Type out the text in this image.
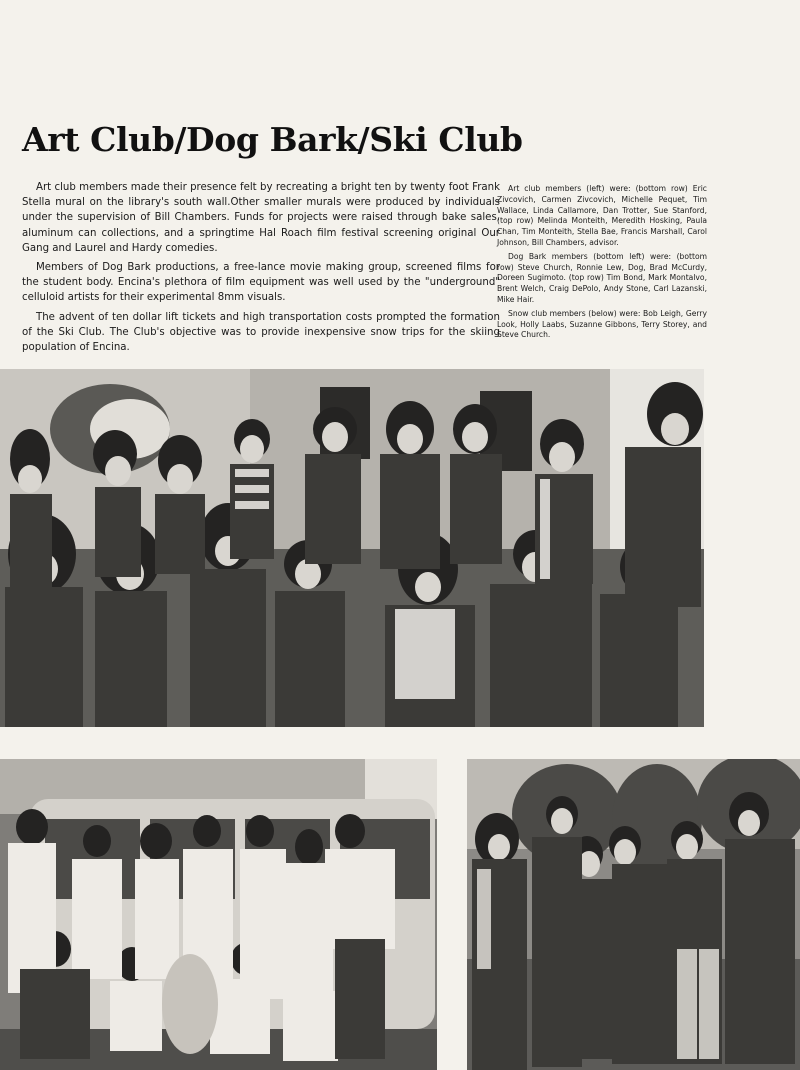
Art Club/Dog Bark/Ski Club

Art club members made their presence felt by recreating a bright ten by twenty foot Frank Stella mural on the library's south wall.Other smaller murals were produced by individuals under the supervision of Bill Chambers. Funds for projects were raised through bake sales, aluminum can collections, and a springtime Hal Roach film festival screening original Our Gang and Laurel and Hardy comedies.

Members of Dog Bark productions, a free-lance movie making group, screened films for the student body. Encina's plethora of film equipment was well used by the "underground" celluloid artists for their experimental 8mm visuals.

The advent of ten dollar lift tickets and high transportation costs prompted the formation of the Ski Club. The Club's objective was to provide inexpensive snow trips for the skiing population of Encina.

Art club members (left) were: (bottom row) Eric Zivcovich, Carmen Zivcovich, Michelle Pequet, Tim Wallace, Linda Callamore, Dan Trotter, Sue Stanford, (top row) Melinda Monteith, Meredith Hosking, Paula Chan, Tim Monteith, Stella Bae, Francis Marshall, Carol Johnson, Bill Chambers, advisor.

Dog Bark members (bottom left) were: (bottom row) Steve Church, Ronnie Lew, Dog, Brad McCurdy, Doreen Sugimoto. (top row) Tim Bond, Mark Montalvo, Brent Welch, Craig DePolo, Andy Stone, Carl Lazanski, Mike Hair.

Snow club members (below) were: Bob Leigh, Gerry Look, Holly Laabs, Suzanne Gibbons, Terry Storey, and Steve Church.
